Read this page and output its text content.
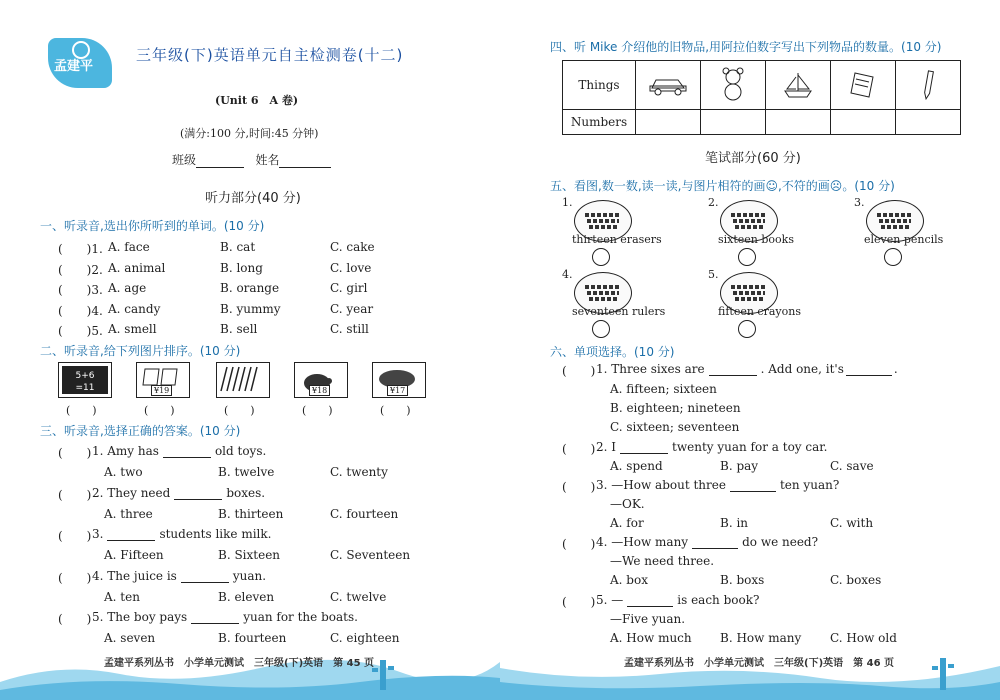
孟建平
三年级(下)英语单元自主检测卷(十二)
(Unit 6　A 卷)
(满分:100 分,时间:45 分钟)
班级	姓名
听力部分(40 分)
一、听录音,选出你所听到的单词。(10 分)
(　　)1. A. face	B. cat	C. cake
(　　)2. A. animal	B. long	C. love
(　　)3. A. age	B. orange	C. girl
(　　)4. A. candy	B. yummy	C. year
(　　)5. A. smell	B. sell	C. still
二、听录音,给下列图片排序。(10 分)
5+6
=11
(　　)
¥19
(　　)	(　　)
¥18
(　　)
¥17
(　　)
三、听录音,选择正确的答案。(10 分)
(　　) 1. Amy has	old toys.
A. two	B. twelve	C. twenty
(　　) 2. They need	boxes.
A. three	B. thirteen	C. fourteen
(　　) 3.	students like milk.
A. Fifteen	B. Sixteen	C. Seventeen
(　　) 4. The juice is	yuan.
A. ten	B. eleven	C. twelve
(　　) 5. The boy pays	yuan for the boats.
A. seven	B. fourteen	C. eighteen
孟建平系列丛书　小学单元测试　三年级(下)英语　第 45 页
四、听 Mike 介绍他的旧物品,用阿拉伯数字写出下列物品的数量。(10 分)
Things					
Numbers					
笔试部分(60 分)
五、看图,数一数,读一读,与图片相符的画☺,不符的画☹。(10 分)
1.
thirteen erasers
2.
sixteen books
3.
eleven pencils
4.
seventeen rulers
5.
fifteen crayons
六、单项选择。(10 分)
(　　) 1. Three sixes are	. Add one, it's	.
A. fifteen; sixteen
B. eighteen; nineteen
C. sixteen; seventeen
(　　) 2. I	twenty yuan for a toy car.
A. spend	B. pay	C. save
(　　) 3. —How about three	ten yuan?
—OK.
A. for	B. in	C. with
(　　) 4. —How many	do we need?
—We need three.
A. box	B. boxs	C. boxes
(　　) 5. —	is each book?
—Five yuan.
A. How much B. How many C. How old
孟建平系列丛书　小学单元测试　三年级(下)英语　第 46 页
